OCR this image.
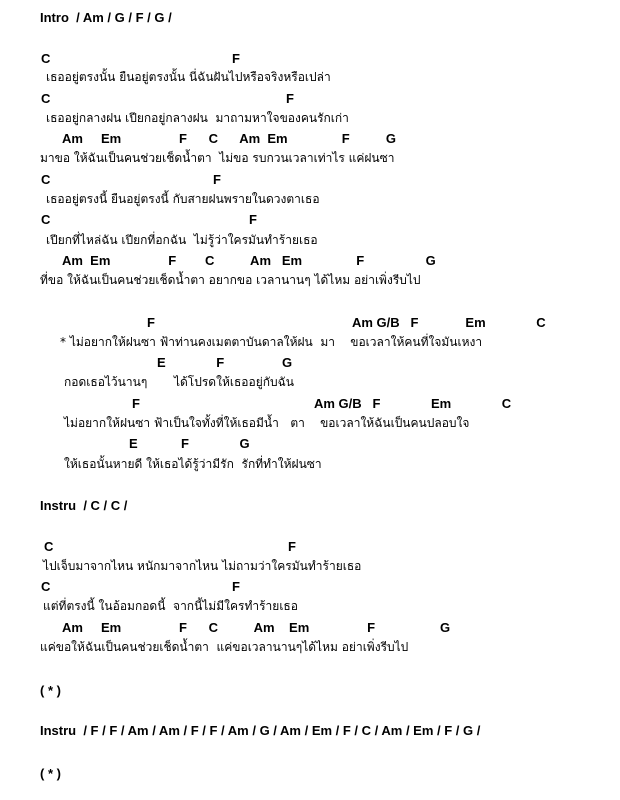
Intro  / Am / G / F / G /
C	F
เธออยู่ตรงนั้น ยืนอยู่ตรงนั้น นี่ฉันฝันไปหรือจริงหรือเปล่า
C	F
เธออยู่กลางฝน เปียกอยู่กลางฝน  มาถามหาใจของคนรักเก่า
Am     Em                F      C      Am  Em               F          G
มาขอ ให้ฉันเป็นคนช่วยเช็ดน้ำตา  ไม่ขอ รบกวนเวลาเท่าไร แค่ฝนซา
C	F
เธออยู่ตรงนี้ ยืนอยู่ตรงนี้ กับสายฝนพรายในดวงตาเธอ
C	F
เปียกที่ไหล่ฉัน เปียกที่อกฉัน  ไม่รู้ว่าใครมันทำร้ายเธอ
Am  Em                F        C          Am   Em               F                 G
ที่ขอ ให้ฉันเป็นคนช่วยเช็ดน้ำตา อยากขอ เวลานานๆ ได้ไหม อย่าเพิ่งรีบไป
F	Am G/B   F             Em              C
* ไม่อยากให้ฝนซา ฟ้าท่านคงเมตตาบันดาลให้ฝน  มา    ขอเวลาให้คนที่ใจมันเหงา
E              F                G
กอดเธอไว้นานๆ       ได้โปรดให้เธออยู่กับฉัน
F	Am G/B   F              Em              C
ไม่อยากให้ฝนซา ฟ้าเป็นใจทั้งที่ให้เธอมีน้ำ   ตา    ขอเวลาให้ฉันเป็นคนปลอบใจ
E            F              G
ให้เธอนั้นหายดี ให้เธอได้รู้ว่ามีรัก  รักที่ทำให้ฝนซา
Instru  / C / C /
C	F
ไปเจ็บมาจากไหน หนักมาจากไหน ไม่ถามว่าใครมันทำร้ายเธอ
C	F
แต่ที่ตรงนี้ ในอ้อมกอดนี้  จากนี้ไม่มีใครทำร้ายเธอ
Am     Em                F      C          Am    Em                F                  G
แค่ขอให้ฉันเป็นคนช่วยเช็ดน้ำตา  แค่ขอเวลานานๆได้ไหม อย่าเพิ่งรีบไป
( * )
Instru  / F / F / Am / Am / F / F / Am / G / Am / Em / F / C / Am / Em / F / G /
( * )
